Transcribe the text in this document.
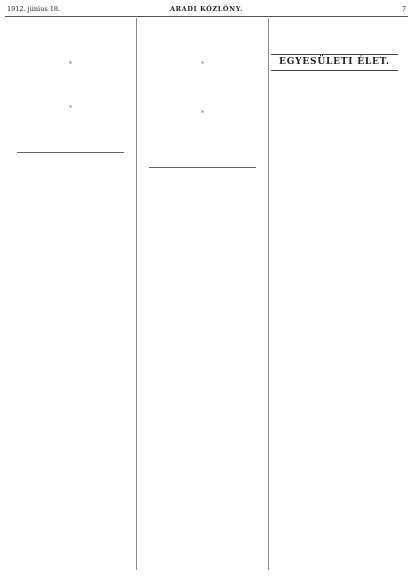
1912. június 18.	ARADI KÖZLÖNY.	7

*

*

*

*

EGYESÜLETI ÉLET.
